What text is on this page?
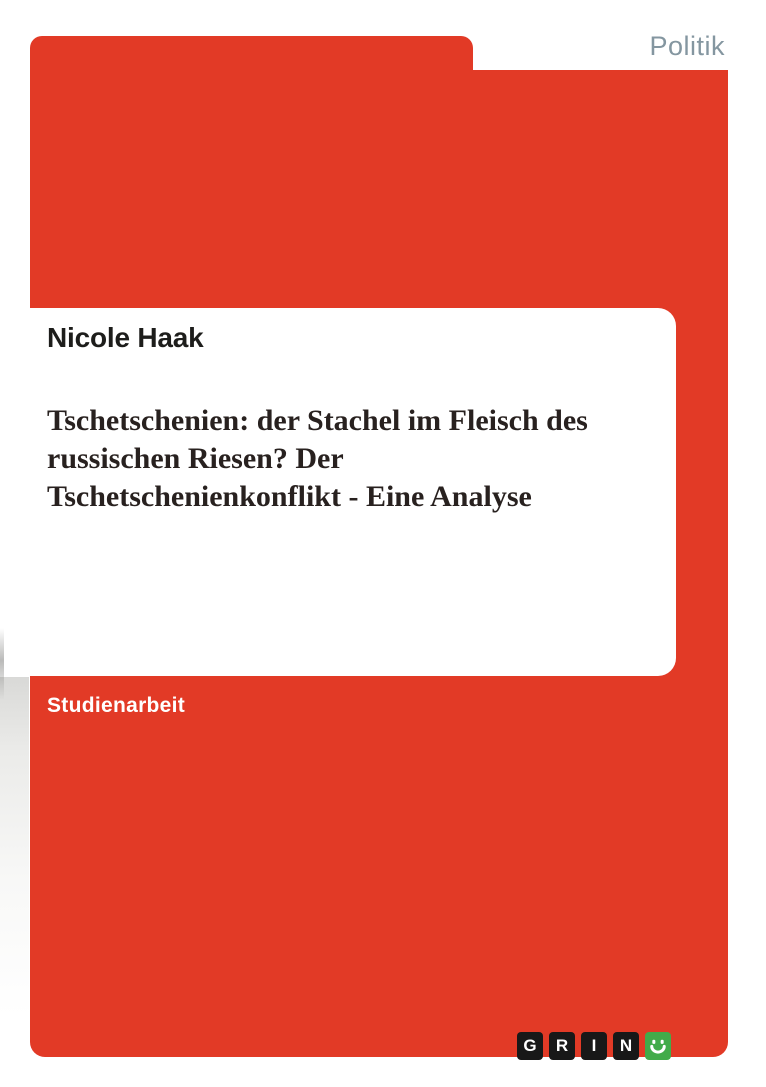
Politik
Nicole Haak
Tschetschenien: der Stachel im Fleisch des
russischen Riesen? Der
Tschetschenienkonflikt - Eine Analyse
Studienarbeit
G	R	I	N
